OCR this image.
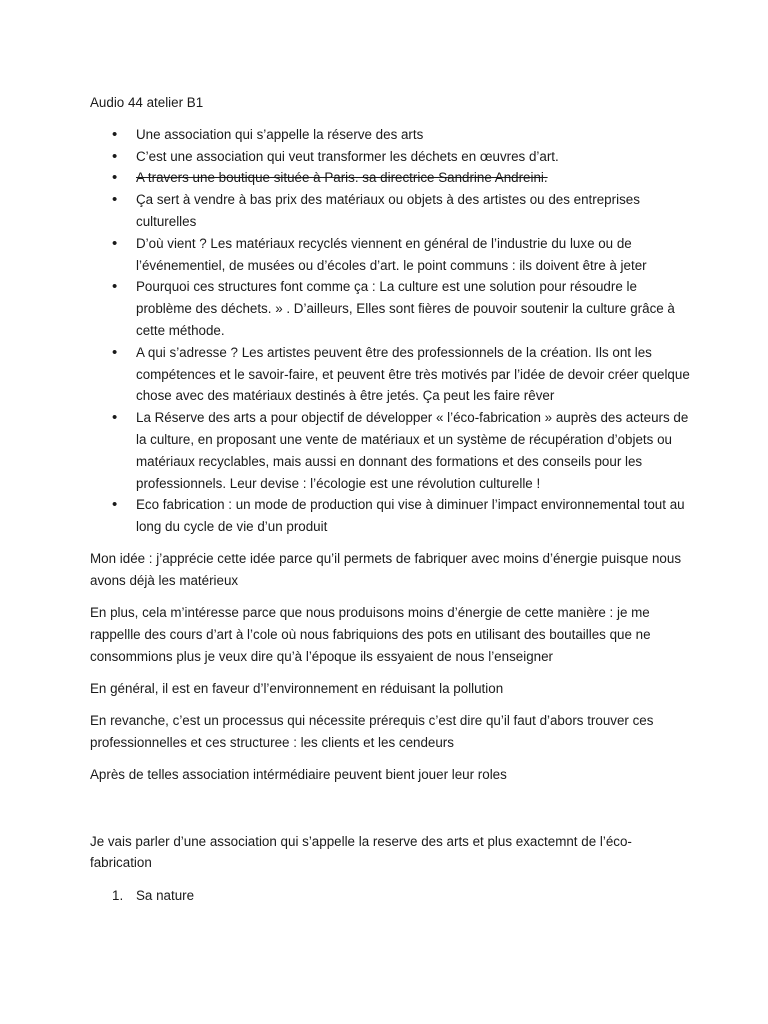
Audio 44 atelier B1
• Une association qui s’appelle la réserve des arts
• C’est une association qui veut transformer les déchets en œuvres d’art.
• A travers une boutique située à Paris. sa directrice Sandrine Andreini.
• Ça sert à vendre à bas prix des matériaux ou objets à des artistes ou des entreprises culturelles
• D’où vient ? Les matériaux recyclés viennent en général de l’industrie du luxe ou de l’événementiel, de musées ou d’écoles d’art. le point communs : ils doivent être à jeter
• Pourquoi ces structures font comme ça : La culture est une solution pour résoudre le problème des déchets. » . D’ailleurs, Elles sont fières de pouvoir soutenir la culture grâce à cette méthode.
• A qui s’adresse ? Les artistes peuvent être des professionnels de la création. Ils ont les compétences et le savoir-faire, et peuvent être très motivés par l’idée de devoir créer quelque chose avec des matériaux destinés à être jetés. Ça peut les faire rêver
• La Réserve des arts a pour objectif de développer « l’éco-fabrication » auprès des acteurs de la culture, en proposant une vente de matériaux et un système de récupération d’objets ou matériaux recyclables, mais aussi en donnant des formations et des conseils pour les professionnels. Leur devise : l’écologie est une révolution culturelle !
• Eco fabrication : un mode de production qui vise à diminuer l’impact environnemental tout au long du cycle de vie d’un produit

Mon idée : j’apprécie cette idée parce qu’il permets de fabriquer avec moins d’énergie puisque nous avons déjà les matérieux

En plus, cela m’intéresse parce que nous produisons moins d’énergie de cette manière : je me rappellle des cours d’art à l’cole où nous fabriquions des pots en utilisant des boutailles que ne consommions plus je veux dire qu’à l’époque ils essyaient de nous l’enseigner

En général, il est en faveur d’l’environnement en réduisant la pollution

En revanche, c’est un processus qui nécessite prérequis c’est dire qu’il faut d’abors trouver ces professionnelles et ces structuree : les clients et les cendeurs

Après de telles association intérmédiaire peuvent bient jouer leur roles

Je vais parler d’une association qui s’appelle la reserve des arts et plus exactemnt de l’éco-fabrication

1. Sa nature
